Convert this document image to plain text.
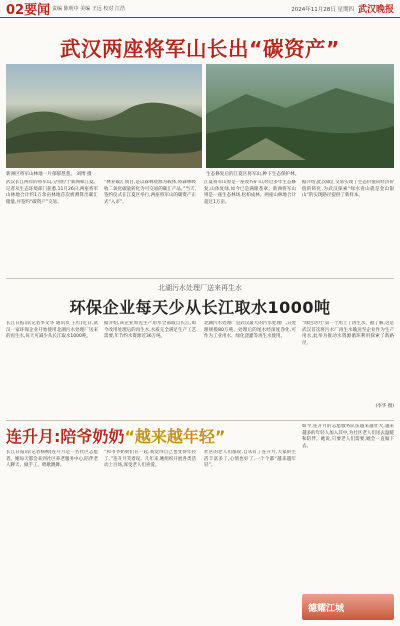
02要闻 责编 陈明中 美编 王远 校对 江浩	2024年11月28日 星期四 武汉晚报
武汉两座将军山长出“碳资产”
新洲区将军山林地一片郁郁葱葱。 刘博 摄	生态修复后的江夏区将军山,种下生态保护林。
武汉长江两岸的将军山,分别位于新洲和江夏。 记者从生态环境部门获悉,11月26日,两座将军山林地合计约1万余亩林地首次被测算出碳汇储量,并签约“碳资产”交易。
“林业碳汇项目,是以森林资源为载体,将森林吸收二氧化碳量转化为可交易的碳汇产品。”当天,签约仪式在江夏区举行,两座将军山的碳资产正式“入市”。
江夏将军山原是一座废弃矿山,经过多年生态修复,山体复绿,如今已是满眼苍翠。新洲将军山则是一座生态林场,松柏成林。两座山林地合计超过1万亩。
据介绍,此次碳汇交易实现了生态价值向经济价值的转化,为武汉探索“绿水青山就是金山银山”的实现路径提供了新样本。
北湖污水处理厂送来再生水
环保企业每天少从长江取水1000吨
长江日报讯(记者李文华 通讯员 王红)近日,武汉一家环保企业开始使用北湖污水处理厂送来的再生水,每天可减少从长江取水1000吨。
据介绍,该企业原先生产用水全部取自长江,如今改用处理后的再生水,水质完全满足生产工艺需要,年节约水资源近36万吨。
北湖污水处理厂是武汉最大的污水处理厂,日处理规模80万吨。处理后的尾水经深度净化,可作为工业用水、绿化浇灌等再生水使用。
“绿色动力”第一个用上了再生水。据了解,这是武汉首次将污水厂再生水输送至企业作为生产用水,此举为推动水资源循环利用探索了新路径。
(李华 摄)
连升月:陪爷奶奶“越来越年轻”
长江日报讯(记者杨柳)连升月是一名社区志愿者。她每天都会来到社区养老服务中心,陪伴老人聊天、做手工、唱歌跳舞。
“和爷爷奶奶们在一起,我觉得自己也变得年轻了。”连升月笑着说。几年来,她组织开展各类活动上百场,深受老人们喜爱。
社区的老人们都说,自从有了连升月,大家的生活丰富多了,心情也好了,一个个都“越来越年轻”。
如今,连升月的志愿服务队伍越来越壮大,越来越多的年轻人加入其中,为社区老人们送去温暖和陪伴。她说,只要老人们需要,她会一直做下去。
德耀江城
